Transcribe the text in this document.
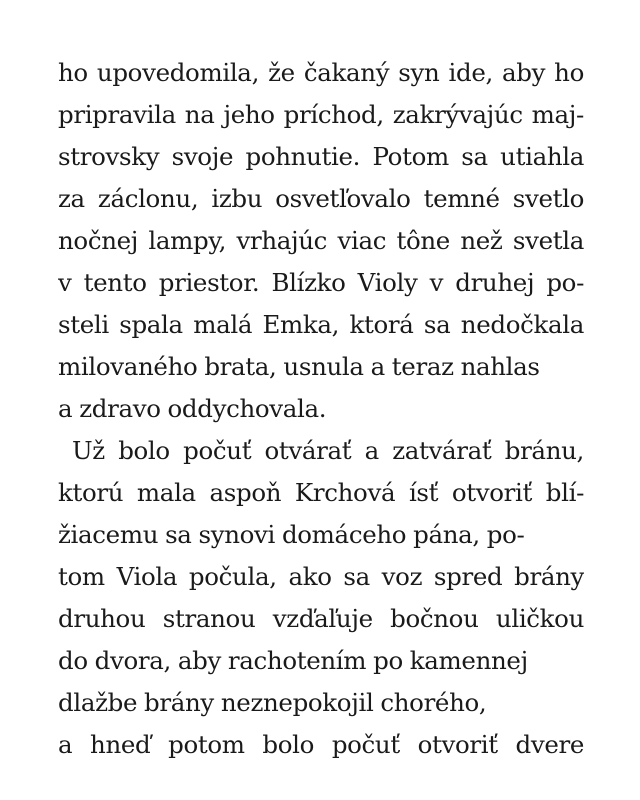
ho upovedomila, že čakaný syn ide, aby ho
pripravila na jeho príchod, zakrývajúc maj-
strovsky svoje pohnutie. Potom sa utiahla
za záclonu, izbu osvetľovalo temné svetlo
nočnej lampy, vrhajúc viac tône než svetla
v tento priestor. Blízko Violy v druhej po-
steli spala malá Emka, ktorá sa nedočkala
milovaného brata, usnula a teraz nahlas
a zdravo oddychovala.
Už bolo počuť otvárať a zatvárať bránu,
ktorú mala aspoň Krchová ísť otvoriť blí-
žiacemu sa synovi domáceho pána, po-
tom Viola počula, ako sa voz spred brány
druhou stranou vzďaľuje bočnou uličkou
do dvora, aby rachotením po kamennej
dlažbe brány neznepokojil chorého,
a hneď potom bolo počuť otvoriť dvere
